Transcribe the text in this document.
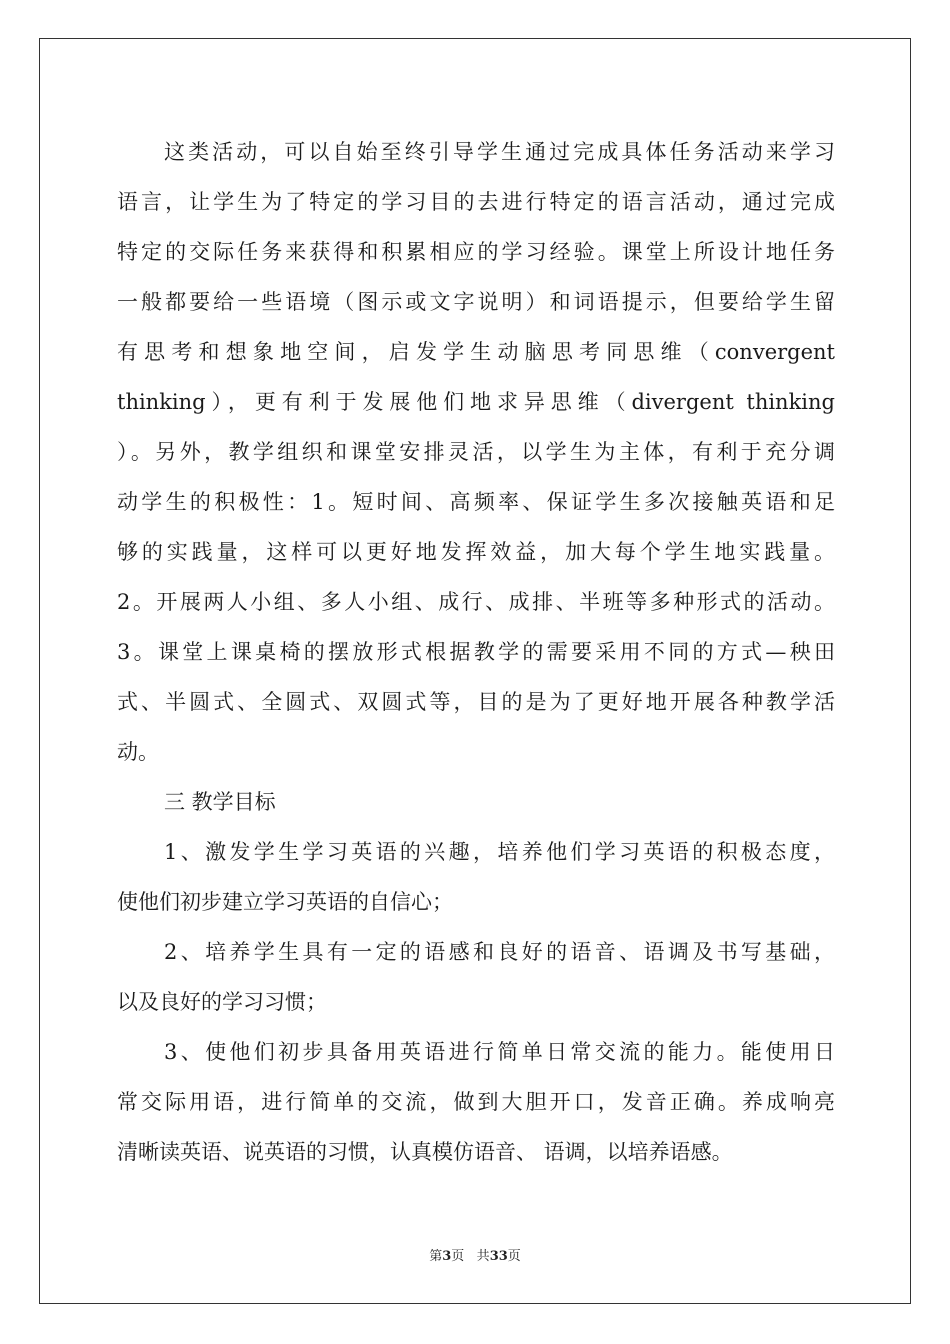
这类活动，可以自始至终引导学生通过完成具体任务活动来学习
语言，让学生为了特定的学习目的去进行特定的语言活动，通过完成
特定的交际任务来获得和积累相应的学习经验。课堂上所设计地任务
一般都要给一些语境（图示或文字说明）和词语提示，但要给学生留
有思考和想象地空间，启发学生动脑思考同思维（convergent
thinking），更有利于发展他们地求异思维（divergent thinking
）。另外，教学组织和课堂安排灵活，以学生为主体，有利于充分调
动学生的积极性：1。短时间、高频率、保证学生多次接触英语和足
够的实践量，这样可以更好地发挥效益，加大每个学生地实践量。
2。开展两人小组、多人小组、成行、成排、半班等多种形式的活动。
3。课堂上课桌椅的摆放形式根据教学的需要采用不同的方式—秧田
式、半圆式、全圆式、双圆式等，目的是为了更好地开展各种教学活
动。
三 教学目标
1、激发学生学习英语的兴趣，培养他们学习英语的积极态度，
使他们初步建立学习英语的自信心；
2、培养学生具有一定的语感和良好的语音、语调及书写基础，
以及良好的学习习惯；
3、使他们初步具备用英语进行简单日常交流的能力。能使用日
常交际用语，进行简单的交流，做到大胆开口，发音正确。养成响亮
清晰读英语、说英语的习惯，认真模仿语音、 语调，以培养语感。
第3页 共33页
